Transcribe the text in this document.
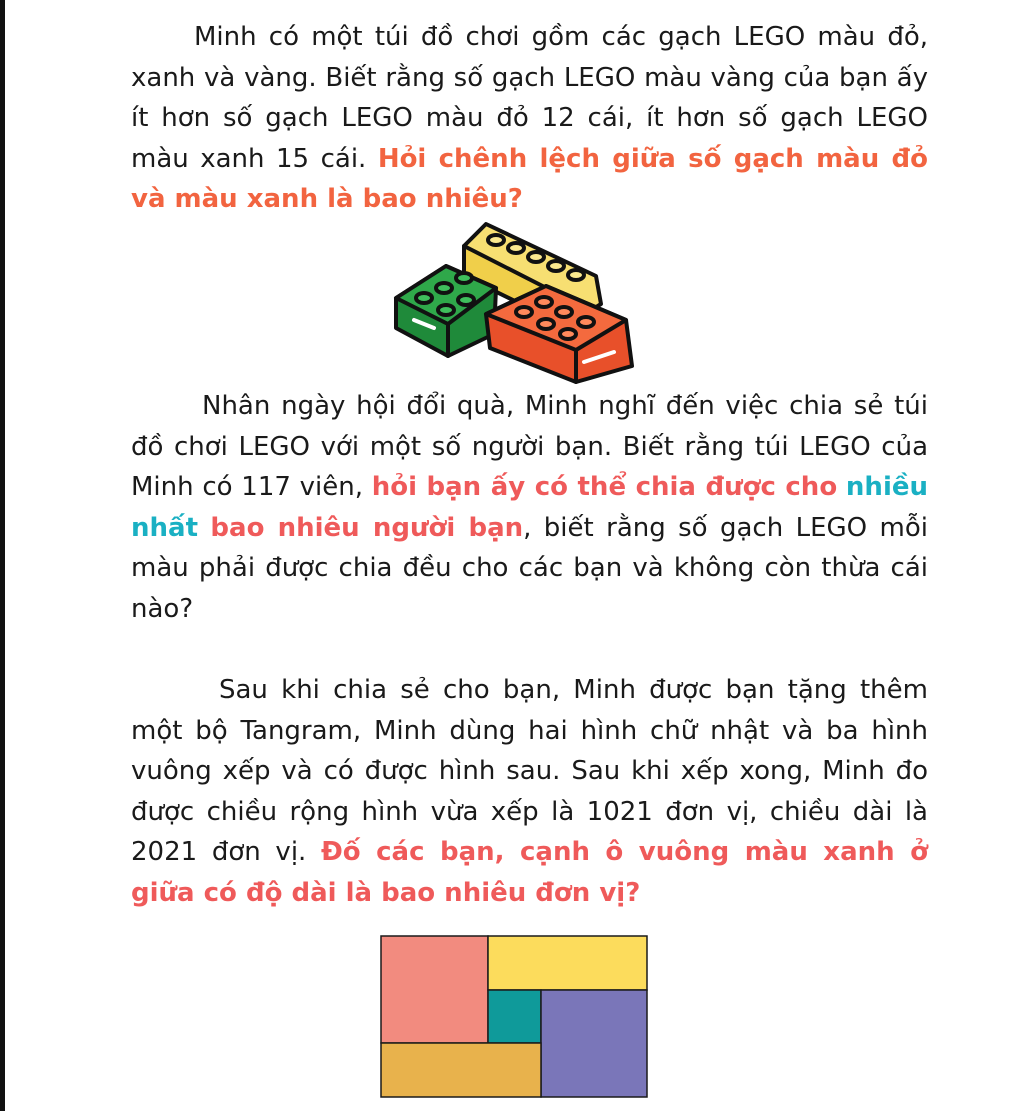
Minh có một túi đồ chơi gồm các gạch LEGO màu đỏ, xanh và vàng. Biết rằng số gạch LEGO màu vàng của bạn ấy ít hơn số gạch LEGO màu đỏ 12 cái, ít hơn số gạch LEGO màu xanh 15 cái. Hỏi chênh lệch giữa số gạch màu đỏ và màu xanh là bao nhiêu?

Nhân ngày hội đổi quà, Minh nghĩ đến việc chia sẻ túi đồ chơi LEGO với một số người bạn. Biết rằng túi LEGO của Minh có 117 viên, hỏi bạn ấy có thể chia được cho nhiều nhất bao nhiêu người bạn, biết rằng số gạch LEGO mỗi màu phải được chia đều cho các bạn và không còn thừa cái nào?

Sau khi chia sẻ cho bạn, Minh được bạn tặng thêm một bộ Tangram, Minh dùng hai hình chữ nhật và ba hình vuông xếp và có được hình sau. Sau khi xếp xong, Minh đo được chiều rộng hình vừa xếp là 1021 đơn vị, chiều dài là 2021 đơn vị. Đố các bạn, cạnh ô vuông màu xanh ở giữa có độ dài là bao nhiêu đơn vị?
